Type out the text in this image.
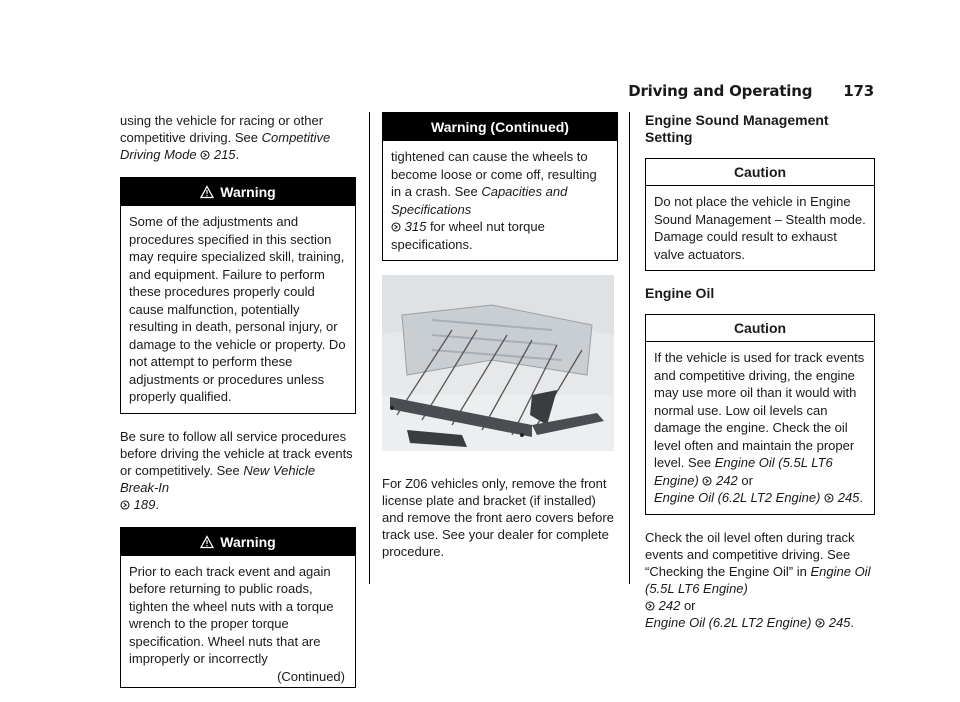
Driving and Operating 173

using the vehicle for racing or other competitive driving. See Competitive Driving Mode 215.

Warning
Some of the adjustments and procedures specified in this section may require specialized skill, training, and equipment. Failure to perform these procedures properly could cause malfunction, potentially resulting in death, personal injury, or damage to the vehicle or property. Do not attempt to perform these adjustments or procedures unless properly qualified.

Be sure to follow all service procedures before driving the vehicle at track events or competitively. See New Vehicle Break-In
189.

Warning
Prior to each track event and again before returning to public roads, tighten the wheel nuts with a torque wrench to the proper torque specification. Wheel nuts that are improperly or incorrectly
(Continued)
Warning (Continued)
tightened can cause the wheels to become loose or come off, resulting in a crash. See Capacities and Specifications
315 for wheel nut torque specifications.

For Z06 vehicles only, remove the front license plate and bracket (if installed) and remove the front aero covers before track use. See your dealer for complete procedure.

Engine Sound Management Setting
Caution
Do not place the vehicle in Engine Sound Management – Stealth mode. Damage could result to exhaust valve actuators.
Engine Oil
Caution
If the vehicle is used for track events and competitive driving, the engine may use more oil than it would with normal use. Low oil levels can damage the engine. Check the oil level often and maintain the proper level. See Engine Oil (5.5L LT6 Engine) 242 or
Engine Oil (6.2L LT2 Engine) 245.

Check the oil level often during track events and competitive driving. See “Checking the Engine Oil” in Engine Oil (5.5L LT6 Engine)
242 or
Engine Oil (6.2L LT2 Engine) 245.
